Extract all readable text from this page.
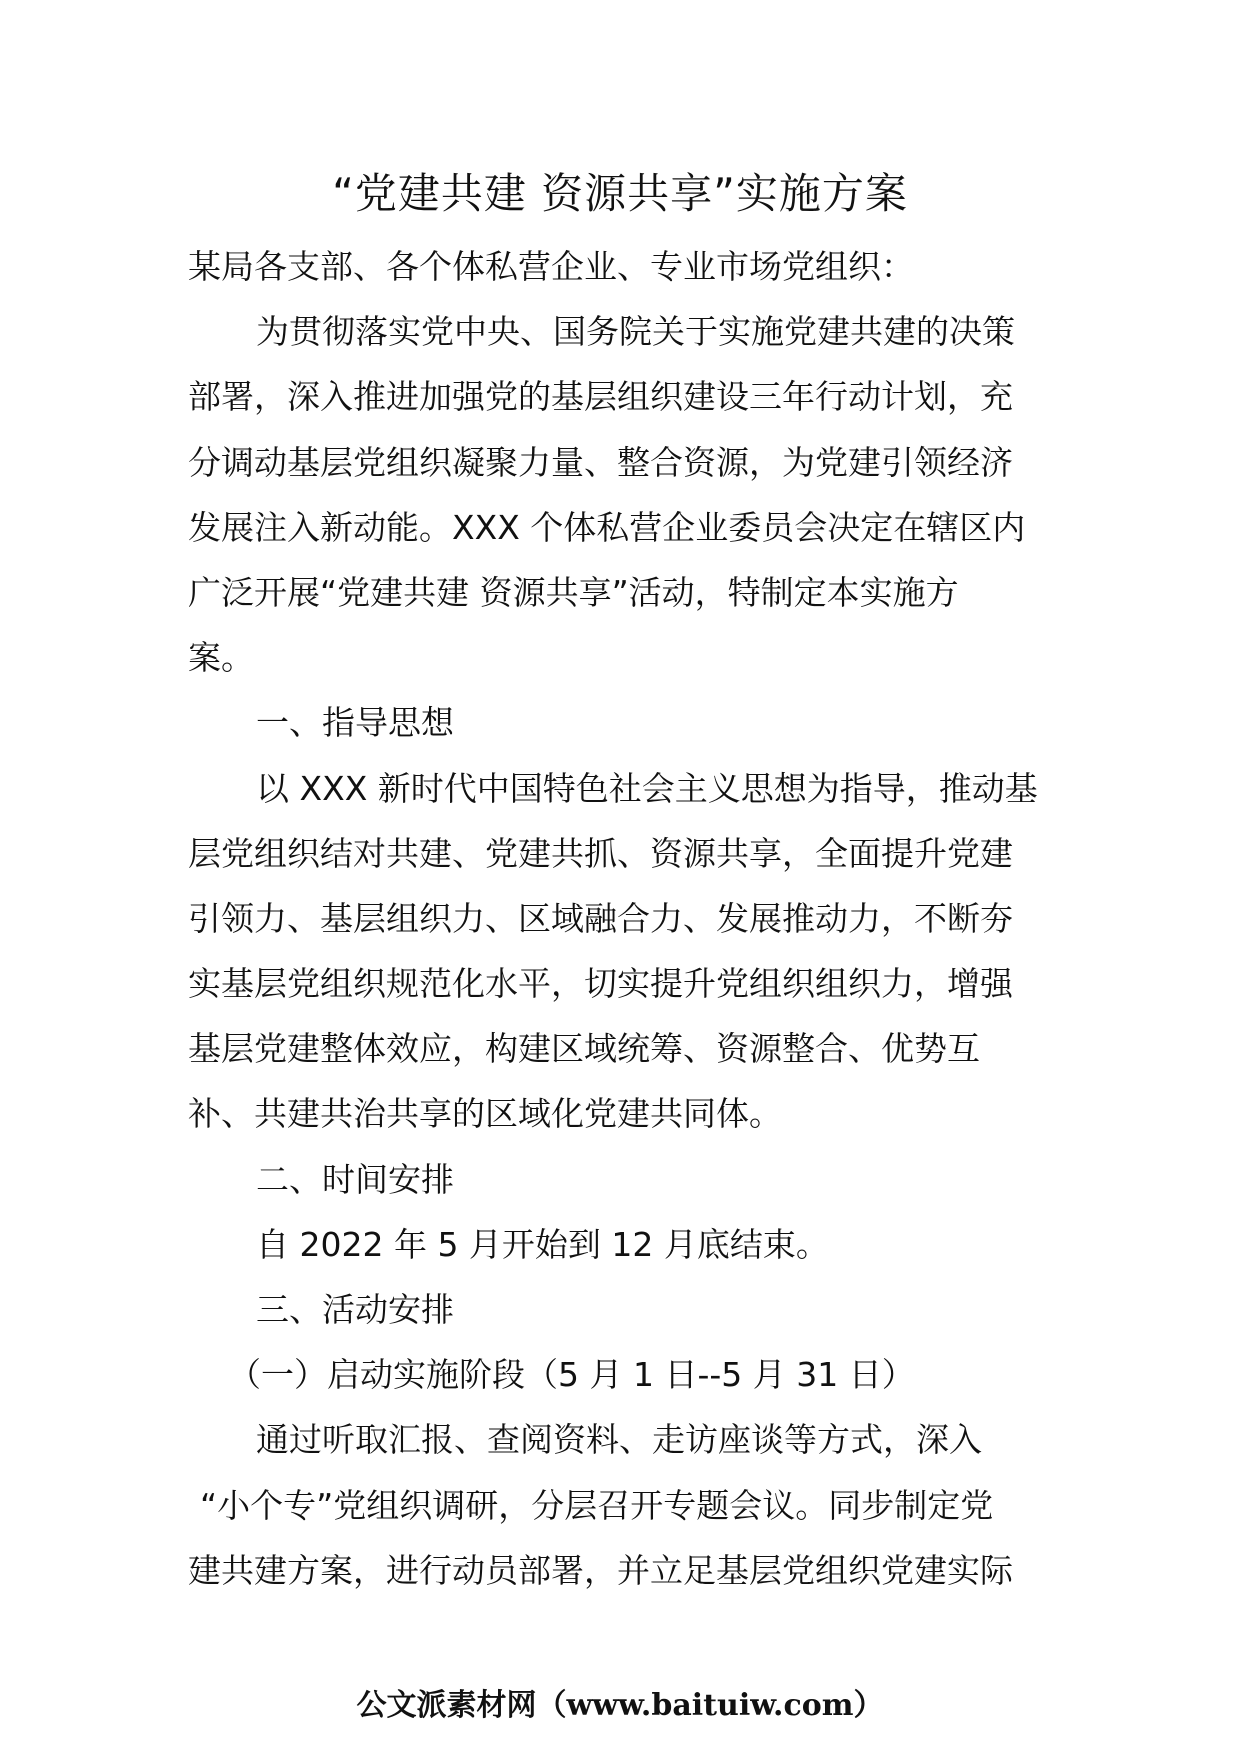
“党建共建 资源共享”实施方案
某局各支部、各个体私营企业、专业市场党组织：
为贯彻落实党中央、国务院关于实施党建共建的决策
部署，深入推进加强党的基层组织建设三年行动计划，充
分调动基层党组织凝聚力量、整合资源，为党建引领经济
发展注入新动能。XXX 个体私营企业委员会决定在辖区内
广泛开展“党建共建 资源共享”活动，特制定本实施方
案。
一、指导思想
以 XXX 新时代中国特色社会主义思想为指导，推动基
层党组织结对共建、党建共抓、资源共享，全面提升党建
引领力、基层组织力、区域融合力、发展推动力，不断夯
实基层党组织规范化水平，切实提升党组织组织力，增强
基层党建整体效应，构建区域统筹、资源整合、优势互
补、共建共治共享的区域化党建共同体。
二、时间安排
自 2022 年 5 月开始到 12 月底结束。
三、活动安排
（一）启动实施阶段（5 月 1 日--5 月 31 日）
通过听取汇报、查阅资料、走访座谈等方式，深入
“小个专”党组织调研，分层召开专题会议。同步制定党
建共建方案，进行动员部署，并立足基层党组织党建实际
公文派素材网（www.baituiw.com）
